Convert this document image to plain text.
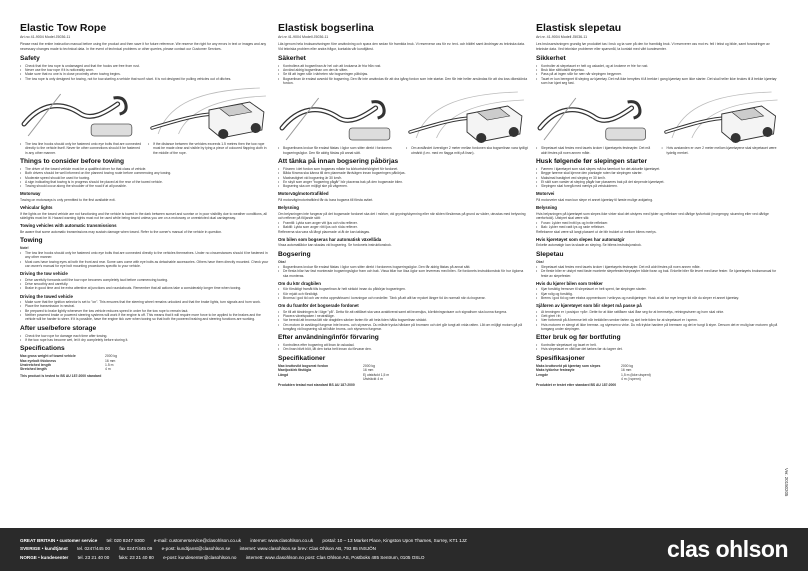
Elastic Tow Rope
Art.no 41-9004 Model J5036-11

Please read the entire instruction manual before using the product and then save it for future reference. We reserve the right for any errors in text or images and any necessary changes made to technical data. In the event of technical problems or other queries, please contact our Customer Services.

Safety
• Check that the tow rope is undamaged and that the hooks are free from rust.
• Never use the tow rope if it is noticeably worn.
• Make sure that no one is in close proximity when towing begins.
• The tow rope is only designed for towing, not for tow-starting a vehicle that won't start. It is not designed for pulling vehicles out of ditches.
• The tow line hooks should only be fastened onto eye bolts that are connected directly to the vehicle itself. Never tie other connections should it be fastened in any other manner.
• If the distance between the vehicles exceeds 1.5 metres then the tow rope must be made clear and visible by tying a piece of coloured flapping cloth in the middle of the rope.
Things to consider before towing
• The driver of the towed vehicle must be a qualified driver for that class of vehicle.
• Both drivers should be well informed on the planned towing route before commencing any towing.
• Moderate speed should be used for towing.
• A sign indicating that towing is in progress should be placed at the rear of the towed vehicle.
• Towing should occur along the shoulder of the road if at all possible.
Motorway

Towing on motorways is only permitted to the first available exit.

Vehicular lights

If the lights on the towed vehicle are not functioning and the vehicle is towed in the dark between sunset and sunrise or in poor visibility due to weather conditions, all sidelights must be lit. Hazard warning lights must not be used while being towed unless you are on a motorway or unrestricted dual carriageway.

Towing vehicles with automatic transmissions

Be aware that some automatic transmissions may sustain damage when towed. Refer to the owner's manual of the vehicle in question.

Towing

Note!

• The tow line hooks should only be fastened onto eye bolts that are connected directly to the vehicles themselves. Under no circumstances should it be fastened in any other manner.
• Most cars have towing eyes at both the front and rear. Some cars come with eye bolts as detachable accessories. Others have them directly mounted. Check your car owner's manual for eye bolt mounting procedures specific to your vehicle.
Driving the tow vehicle
• Drive carefully forwards until the tow rope becomes completely taut before commencing towing.
• Drive smoothly and carefully.
• Brake in good time and be extra attentive at junctions and roundabouts. Remember that all actions take a considerably longer time when towing.
Driving the towed vehicle
• Make sure that the ignition selector is set to "on". This ensures that the steering wheel remains unlocked and that the brake lights, turn signals and horn work.
• Place the transmission in neutral.
• Be prepared to brake lightly whenever the tow vehicle reduces speed in order for the tow rope to remain taut.
• Neither powered brake or powered steering systems will work if the engine is off. This means that it will require more force to be applied to the brakes and the vehicle will be harder to steer. If it is possible, have the engine tick over when towing so that both the powered braking and steering functions are working.
After use/before storage
• Check the tow rope for damage each time after towing.
• If the tow rope has become wet, let it dry completely before storing it.
Specifications
Max gross weight of towed vehicle	2000 kg
Max eyebolt thickness	16 mm
Unstretched length	1.5 m
Stretched length	4 m
This product is tested to BS AU 187:2000 standard
Elastisk bogserlina
Art.nr 41-9004 Modell J5036-11

Läs igenom hela bruksanvisningen före användning och spara den sedan för framtida bruk. Vi reserverar oss för ev. text- och bildfel samt ändringar av tekniska data. Vid tekniska problem eller andra frågor, kontakta vår kundtjänst.

Säkerhet
• Kontrollera att bogserlinan är hel och att krokarna är fria från rost.
• Använd aldrig bogserlinan om den är sliten.
• Se till att ingen står i närheten när bogseringen påbörjas.
• Bogserlinan är endast avsedd för bogsering. Den får inte användas för att dra igång fordon som inte startar. Den får inte heller användas för att dra loss dikeskörda fordon.
• Bogserlinans krokar får endast fästas i öglor som sitter direkt i fordonens bogseringsöglor. Den får aldrig fästas på annat sätt.
• Om avståndet överstiger 2 meter mellan fordonen ska bogserlinan vara tydligt utmärkt (t.ex. med en flagga mitt på linan).
Att tänka på innan bogsering påbörjas
• Föraren i det fordon som bogseras måste ha körkortsbehörighet för fordonet.
• Båda förarna ska känna till den planerade färdvägen innan bogseringen påbörjas.
• Maxhastighet vid bogsering är 30 km/h.
• En skylt som anger "bogsering pågår" bör placeras bak på den bogserade bilen.
• Bogsering ska om möjligt ske på vägrenen.
Motorväg/motortrafikled

På motorväg/motortrafikled får du bara bogsera till första avfart.

Belysning

Om belysningen inte fungerar på det bogserade fordonet ska det i mörker, vid gryning/skymning eller när sikten försämras på grund av väder, utrustas med belysning och reflexer på följande sätt:

• Framtill: Lykta som avger vitt ljus och vita reflexer.
• Baktill: Lykta som avger rött ljus och röda reflexer.

Reflexerna ska vara så långt placerade ut åt de kan iaktagas.

Om bilen som bogseras har automatisk växellåda

Vissa automatlådor kan skadas vid bogsering. Se fordonets instruktionsbok.

Bogsering

Obs!

• Bogserlinans krokar får endast fästas i öglor som sitter direkt i fordonens bogseringsöglor. Den får aldrig fästas på annat sätt.
• De flesta bilar har fast monterade bogseringsöglor fram och bak. Vissa bilar har lösa öglor som levereras med bilen. Se fordonets instruktionsbok för hur öglorna ska monteras.
Om du kör dragbilen
• Kör försiktigt framåt tills bogserlinan är helt sträckt innan du påbörjar bogseringen.
• Kör mjukt och försiktigt.
• Bromsa i god tid och var extra uppmärksam i korsningar och rondeller. Tänk på att allt tar mycket längre tid än normalt när du bogserar.
Om du framför det bogserade fordonet
• Se till att tändningen är i läge "på". Detta för att rattlåset ska vara avaktiverat samt att bromsljus, körriktningsvisare och signalhorn ska kunna fungera.
• Placera växelspaken i neutralläge.
• Var beredd att bromsa lätt när dragbilen sänker farten för att hela tiden hålla bogserlinan sträckt.
• Om motorn är avstängd fungerar inte broms- och styrservo. Du måste trycka hårdare på bromsen och det går tungt att vrida ratten. Låt om möjligt motorn gå på tomgång vid bogsering så att både broms- och styrservo fungerar.
Efter användning/inför förvaring
• Kontrollera efter bogsering att linan är oskadad.
• Om linan blivit blöt, låt den torka helt innan du förvarar den.
Specifikationer
Max bruttovikt bogserat fordon	2000 kg
Maxtjocklek fästögla	16 mm
Längd	Ej utsträckt 1,5 m
	Utsträckt 4 m
Produkten testad mot standard BS AU 187:2000
Elastisk slepetau
Art.nr. 41-9004 Modell J5036-11

Les bruksanvisningen grundig før produktet tas i bruk og ta vare på den for framtidig bruk. Vi reserverer oss mot ev. feil i tekst og bilde, samt forandringer av tekniske data. Ved tekniske problemer eller spørsmål, ta kontakt med vårt kundesenter.

Sikkerhet
• Kontroller at slepetauet er helt og uskadet, og at krokene er frie for rust.
• Bruk ikke slitt/utslitt slepetau.
• Pass på at ingen står for nær når slepingen begynner.
• Tauet er kun beregnet til sleping av kjøretøy. Det må ikke benyttes til å brekke i gang kjøretøy som ikke starter. Det skal heller ikke brukes til å trekke kjøretøy som har kjørt seg fast.
• Slepetauet skal festes med tauets kroker i kjøretøyets festeøyler. Det må aldri festes på noen annen måte.
• Hvis avstanden er over 2 meter mellom kjøretøyene skal slepetauet være tydelig merket.
Husk følgende før slepingen starter
• Føreren i kjøretøyet som skal slepes må ha førerkort for det aktuelle kjøretøyet.
• Begge førerne skal kjenne den planlagte ruten før slepingen starter.
• Maksimal hastighet ved sleping er 30 km/h.
• Et skilt som varsler at sleping pågår bør plasseres bak på det slepende kjøretøyet.
• Slepingen skal foregå med nærlys på veiskulderen.
Motorvei

På motorveier skal man kun slepe et annet kjøretøy til første mulige avkjøring.

Belysning

Hvis belysningen på kjøretøyet som slepes ikke virker skal det utstyres med lykter og reflekser ved dårlige lysforhold (morgengry, skumring eller ved dårlige værforhold). Utstyret skal være slik:

• Foran: Lykter med hvitt lys og hvite reflekser.
• Bak: Lykter med rødt lys og røde reflekser.

Refleksene skal være så langt plassert ut de blir trukket ut mellom bilens merlys.

Hvis kjøretøyet som slepes har automatgir

Enkelte automatgir kan ta skade av sleping. Se bilens instruksjonsbok.

Slepetau

Obs!

• Slepetauet skal festes med tauets kroker i kjøretøyets festeøyler. Det må aldri festes på noen annen måte.
• De fleste biler er utstyrt med faste monterte slepefester/slepeøyler både foran og bak. Enkelte biler får levert med løse fester. Se kjøretøyets bruksmanual for feste av slepefester.
Hvis du kjører bilen som trekker
• Kjør forsiktig fremover til slepetauet er helt spent, før slepingen starter.
• Kjør rolig og forsiktig.
• Brems i god tid og vær ekstra oppmerksom i veikryss og rundkjøringer. Husk at alt tar mye lengre tid når du sleper et annet kjøretøy.
Sjåføren av kjøretøyet som blir slepet må passe på
• At tenningen er i posisjon «på». Dette for at ikke rattlåsen skal låse seg for at bremselys, retningsviseer og horn skal virke.
• Gett giret i fri.
• Vær forberedt på å bremse lett når trekkbilen senker farten og slet hele tiden for at slepetauet er i spenn.
• Hvis motoren er slengt vil ikke bremse- og styreservo virke. Du må trykke hardere på bremsen og det er tungt å styre. Dersom det er mulig bør motoren gå på tomgang under slepingen.
Etter bruk og før bortfuting
• Kontroller slepetauet og tauet er helt.
• Hvis slepetauet er vått bør det tørkes før du lagrer det.
Spesifikasjoner
Maks bruttovekt på kjøretøy som slepes	2000 kg
Maks tykkelse festeøyle	16 mm
Lengde	1,5 m (ikke utspent)
	4 m (i spenn)
Produktet er testet etter standard BS AU 187:2000
Ver. 20150205
GREAT BRITAIN • customer service tel: 020 8247 9300 e-mail: customerservice@clasohlson.co.uk internet: www.clasohlson.co.uk postal: 10 – 13 Market Place, Kingston Upon Thames, Surrey, KT1 1JZ
SVERIGE • kundtjänst tel. 0247/445 00 fax 0247/445 09 e-post: kundtjanst@clasohlson.se internet: www.clasohlson.se brev: Clas Ohlson AB, 793 85 INSJÖN
NORGE • kundesenter tel. 23 21 40 00 faks: 23 21 40 80 e-post: kundesenter@clasohlson.no internett: www.clasohlson.no post: Clas Ohlson AS, Postboks 485 Sentrum, 0105 OSLO	clas ohlson
